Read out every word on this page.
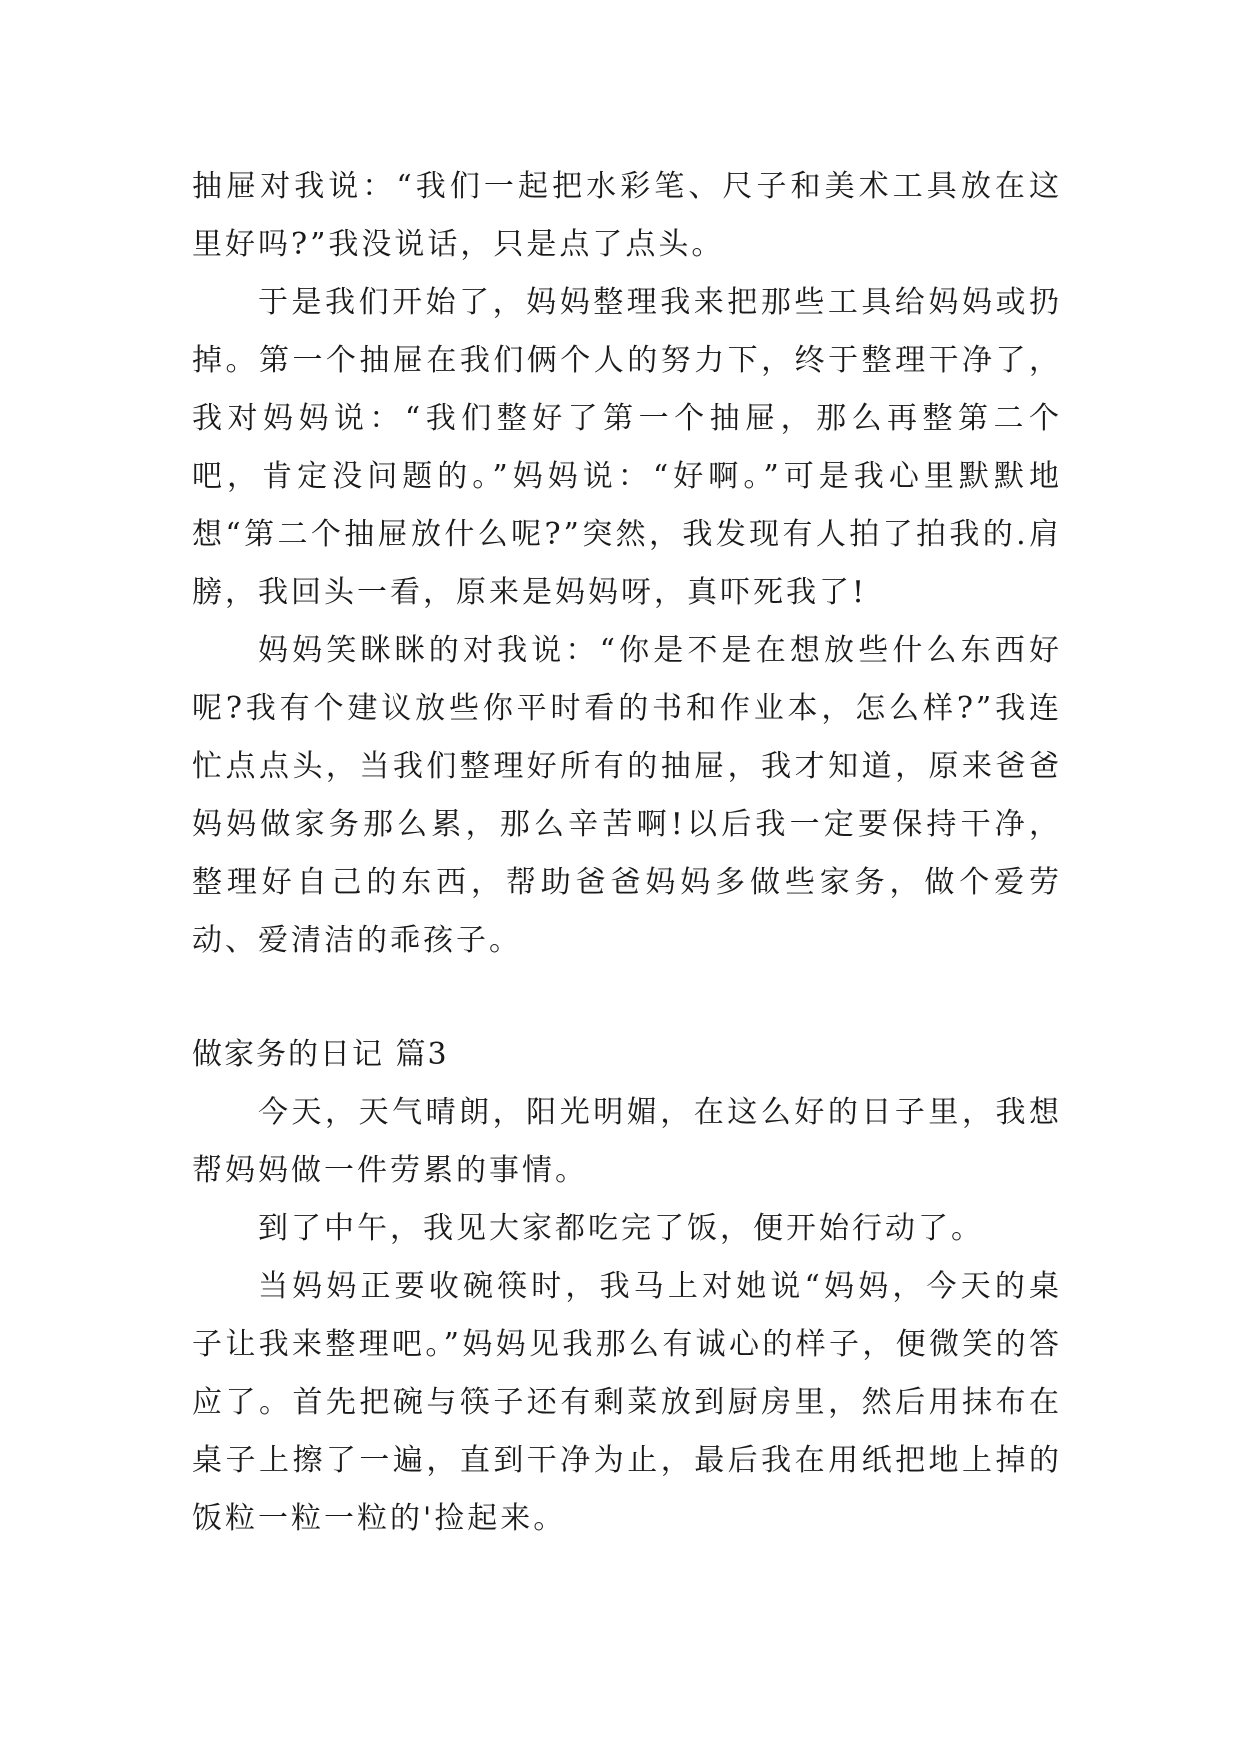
抽屉对我说：“我们一起把水彩笔、尺子和美术工具放在这里好吗?”我没说话，只是点了点头。

于是我们开始了，妈妈整理我来把那些工具给妈妈或扔掉。第一个抽屉在我们俩个人的努力下，终于整理干净了，我对妈妈说：“我们整好了第一个抽屉，那么再整第二个吧，肯定没问题的。”妈妈说：“好啊。”可是我心里默默地想“第二个抽屉放什么呢?”突然，我发现有人拍了拍我的.肩膀，我回头一看，原来是妈妈呀，真吓死我了!

妈妈笑眯眯的对我说：“你是不是在想放些什么东西好呢?我有个建议放些你平时看的书和作业本，怎么样?”我连忙点点头，当我们整理好所有的抽屉，我才知道，原来爸爸妈妈做家务那么累，那么辛苦啊!以后我一定要保持干净，整理好自己的东西，帮助爸爸妈妈多做些家务，做个爱劳动、爱清洁的乖孩子。

做家务的日记 篇3

今天，天气晴朗，阳光明媚，在这么好的日子里，我想帮妈妈做一件劳累的事情。

到了中午，我见大家都吃完了饭，便开始行动了。

当妈妈正要收碗筷时，我马上对她说“妈妈，今天的桌子让我来整理吧。”妈妈见我那么有诚心的样子，便微笑的答应了。首先把碗与筷子还有剩菜放到厨房里，然后用抹布在桌子上擦了一遍，直到干净为止，最后我在用纸把地上掉的饭粒一粒一粒的'捡起来。
